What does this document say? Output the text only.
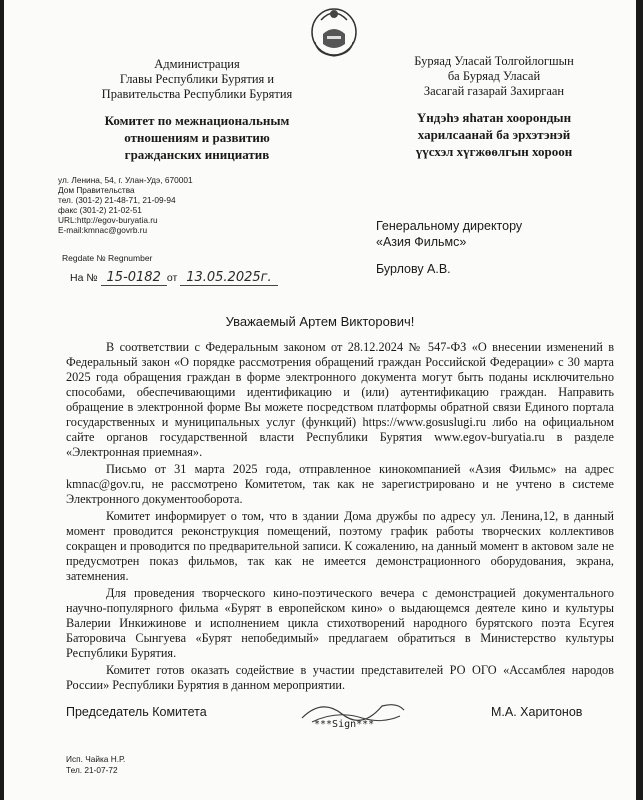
Администрация
Главы Республики Бурятия и
Правительства Республики Бурятия
Комитет по межнациональным
отношениям и развитию
гражданских инициатив
Буряад Уласай Толгойлогшын
ба Буряад Уласай
Засагай газарай Захиргаан
Үндэһэ яһатан хоорондын
харилсаанай ба эрхэтэнэй
үүсхэл хүгжөөлгын хороон
ул. Ленина, 54, г. Улан-Удэ, 670001
Дом Правительства
тел. (301-2) 21-48-71, 21-09-94
факс (301-2) 21-02-51
URL:http://egov-buryatia.ru
E-mail:kmnac@govrb.ru
Regdate № Regnumber
На № 15-0182 от 13.05.2025г.
Генеральному директору
«Азия Фильмс»
Бурлову А.В.
Уважаемый Артем Викторович!

В соответствии с Федеральным законом от 28.12.2024 № 547-ФЗ «О внесении изменений в Федеральный закон «О порядке рассмотрения обращений граждан Российской Федерации» с 30 марта 2025 года обращения граждан в форме электронного документа могут быть поданы исключительно способами, обеспечивающими идентификацию и (или) аутентификацию граждан. Направить обращение в электронной форме Вы можете посредством платформы обратной связи Единого портала государственных и муниципальных услуг (функций) https://www.gosuslugi.ru либо на официальном сайте органов государственной власти Республики Бурятия www.egov-buryatia.ru в разделе «Электронная приемная».

Письмо от 31 марта 2025 года, отправленное кинокомпанией «Азия Фильмс» на адрес kmnac@gov.ru, не рассмотрено Комитетом, так как не зарегистрировано и не учтено в системе Электронного документооборота.

Комитет информирует о том, что в здании Дома дружбы по адресу ул. Ленина,12, в данный момент проводится реконструкция помещений, поэтому график работы творческих коллективов сокращен и проводится по предварительной записи. К сожалению, на данный момент в актовом зале не предусмотрен показ фильмов, так как не имеется демонстрационного оборудования, экрана, затемнения.

Для проведения творческого кино-поэтического вечера с демонстрацией документального научно-популярного фильма «Бурят в европейском кино» о выдающемся деятеле кино и культуры Валерии Инкижинове и исполнением цикла стихотворений народного бурятского поэта Есугея Баторовича Сынгуева «Бурят непобедимый» предлагаем обратиться в Министерство культуры Республики Бурятия.

Комитет готов оказать содействие в участии представителей РО ОГО «Ассамблея народов России» Республики Бурятия в данном мероприятии.

Председатель Комитета
***Sign***
М.А. Харитонов
Исп. Чайка Н.Р.
Тел. 21-07-72
